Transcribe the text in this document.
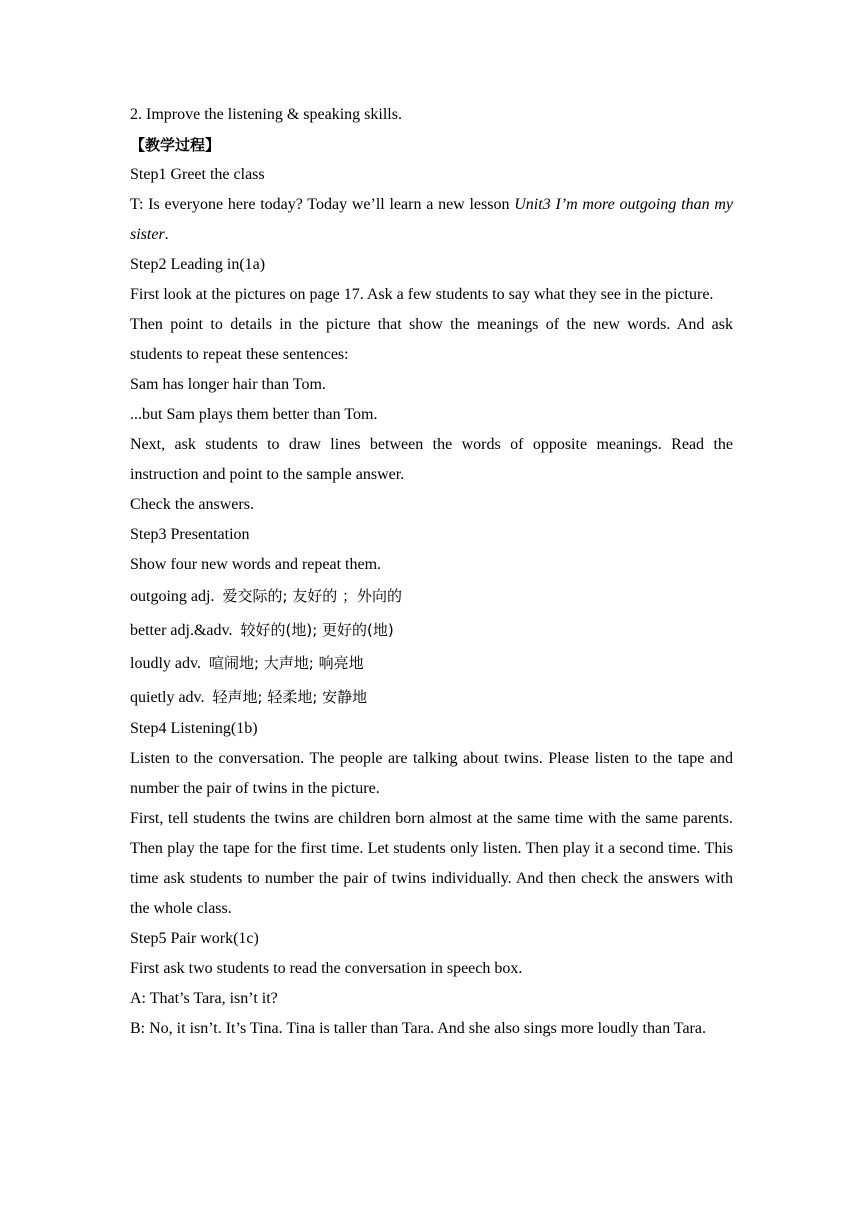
2. Improve the listening & speaking skills.

【教学过程】

Step1 Greet the class

T: Is everyone here today? Today we’ll learn a new lesson Unit3 I’m more outgoing than my sister.

Step2 Leading in(1a)

First look at the pictures on page 17. Ask a few students to say what they see in the picture.

Then point to details in the picture that show the meanings of the new words. And ask students to repeat these sentences:

Sam has longer hair than Tom.

...but Sam plays them better than Tom.

Next, ask students to draw lines between the words of opposite meanings. Read the instruction and point to the sample answer.

Check the answers.

Step3 Presentation

Show four new words and repeat them.

outgoing adj. 爱交际的; 友好的 ；外向的

better adj.&adv. 较好的(地); 更好的(地)

loudly adv. 喧闹地; 大声地; 响亮地

quietly adv. 轻声地; 轻柔地; 安静地

Step4 Listening(1b)

Listen to the conversation. The people are talking about twins. Please listen to the tape and number the pair of twins in the picture.

First, tell students the twins are children born almost at the same time with the same parents. Then play the tape for the first time. Let students only listen. Then play it a second time. This time ask students to number the pair of twins individually. And then check the answers with the whole class.

Step5 Pair work(1c)

First ask two students to read the conversation in speech box.

A: That’s Tara, isn’t it?

B: No, it isn’t. It’s Tina. Tina is taller than Tara. And she also sings more loudly than Tara.
